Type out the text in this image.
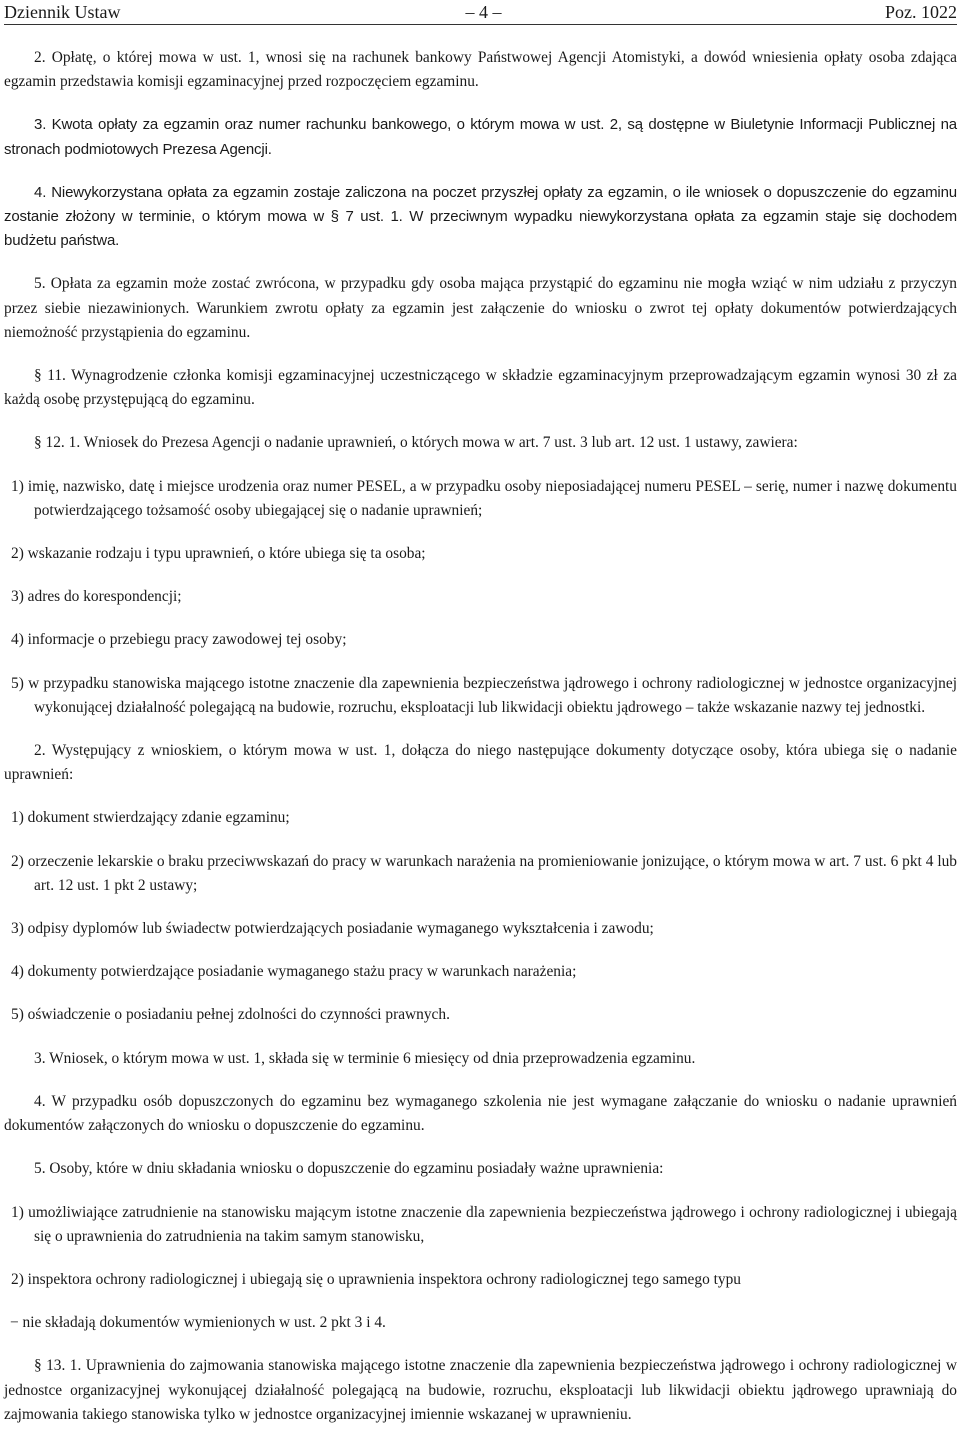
Dziennik Ustaw	– 4 –	Poz. 1022

2. Opłatę, o której mowa w ust. 1, wnosi się na rachunek bankowy Państwowej Agencji Atomistyki, a dowód wniesienia opłaty osoba zdająca egzamin przedstawia komisji egzaminacyjnej przed rozpoczęciem egzaminu.

3. Kwota opłaty za egzamin oraz numer rachunku bankowego, o którym mowa w ust. 2, są dostępne w Biuletynie Informacji Publicznej na stronach podmiotowych Prezesa Agencji.

4. Niewykorzystana opłata za egzamin zostaje zaliczona na poczet przyszłej opłaty za egzamin, o ile wniosek o dopuszczenie do egzaminu zostanie złożony w terminie, o którym mowa w § 7 ust. 1. W przeciwnym wypadku niewykorzystana opłata za egzamin staje się dochodem budżetu państwa.

5. Opłata za egzamin może zostać zwrócona, w przypadku gdy osoba mająca przystąpić do egzaminu nie mogła wziąć w nim udziału z przyczyn przez siebie niezawinionych. Warunkiem zwrotu opłaty za egzamin jest załączenie do wniosku o zwrot tej opłaty dokumentów potwierdzających niemożność przystąpienia do egzaminu.

§ 11. Wynagrodzenie członka komisji egzaminacyjnej uczestniczącego w składzie egzaminacyjnym przeprowadzającym egzamin wynosi 30 zł za każdą osobę przystępującą do egzaminu.

§ 12. 1. Wniosek do Prezesa Agencji o nadanie uprawnień, o których mowa w art. 7 ust. 3 lub art. 12 ust. 1 ustawy, zawiera:

1) imię, nazwisko, datę i miejsce urodzenia oraz numer PESEL, a w przypadku osoby nieposiadającej numeru PESEL – serię, numer i nazwę dokumentu potwierdzającego tożsamość osoby ubiegającej się o nadanie uprawnień;

2) wskazanie rodzaju i typu uprawnień, o które ubiega się ta osoba;

3) adres do korespondencji;

4) informacje o przebiegu pracy zawodowej tej osoby;

5) w przypadku stanowiska mającego istotne znaczenie dla zapewnienia bezpieczeństwa jądrowego i ochrony radiologicznej w jednostce organizacyjnej wykonującej działalność polegającą na budowie, rozruchu, eksploatacji lub likwidacji obiektu jądrowego – także wskazanie nazwy tej jednostki.

2. Występujący z wnioskiem, o którym mowa w ust. 1, dołącza do niego następujące dokumenty dotyczące osoby, która ubiega się o nadanie uprawnień:

1) dokument stwierdzający zdanie egzaminu;

2) orzeczenie lekarskie o braku przeciwwskazań do pracy w warunkach narażenia na promieniowanie jonizujące, o którym mowa w art. 7 ust. 6 pkt 4 lub art. 12 ust. 1 pkt 2 ustawy;

3) odpisy dyplomów lub świadectw potwierdzających posiadanie wymaganego wykształcenia i zawodu;

4) dokumenty potwierdzające posiadanie wymaganego stażu pracy w warunkach narażenia;

5) oświadczenie o posiadaniu pełnej zdolności do czynności prawnych.

3. Wniosek, o którym mowa w ust. 1, składa się w terminie 6 miesięcy od dnia przeprowadzenia egzaminu.

4. W przypadku osób dopuszczonych do egzaminu bez wymaganego szkolenia nie jest wymagane załączanie do wniosku o nadanie uprawnień dokumentów załączonych do wniosku o dopuszczenie do egzaminu.

5. Osoby, które w dniu składania wniosku o dopuszczenie do egzaminu posiadały ważne uprawnienia:

1) umożliwiające zatrudnienie na stanowisku mającym istotne znaczenie dla zapewnienia bezpieczeństwa jądrowego i ochrony radiologicznej i ubiegają się o uprawnienia do zatrudnienia na takim samym stanowisku,

2) inspektora ochrony radiologicznej i ubiegają się o uprawnienia inspektora ochrony radiologicznej tego samego typu

− nie składają dokumentów wymienionych w ust. 2 pkt 3 i 4.

§ 13. 1. Uprawnienia do zajmowania stanowiska mającego istotne znaczenie dla zapewnienia bezpieczeństwa jądrowego i ochrony radiologicznej w jednostce organizacyjnej wykonującej działalność polegającą na budowie, rozruchu, eksploatacji lub likwidacji obiektu jądrowego uprawniają do zajmowania takiego stanowiska tylko w jednostce organizacyjnej imiennie wskazanej w uprawnieniu.
